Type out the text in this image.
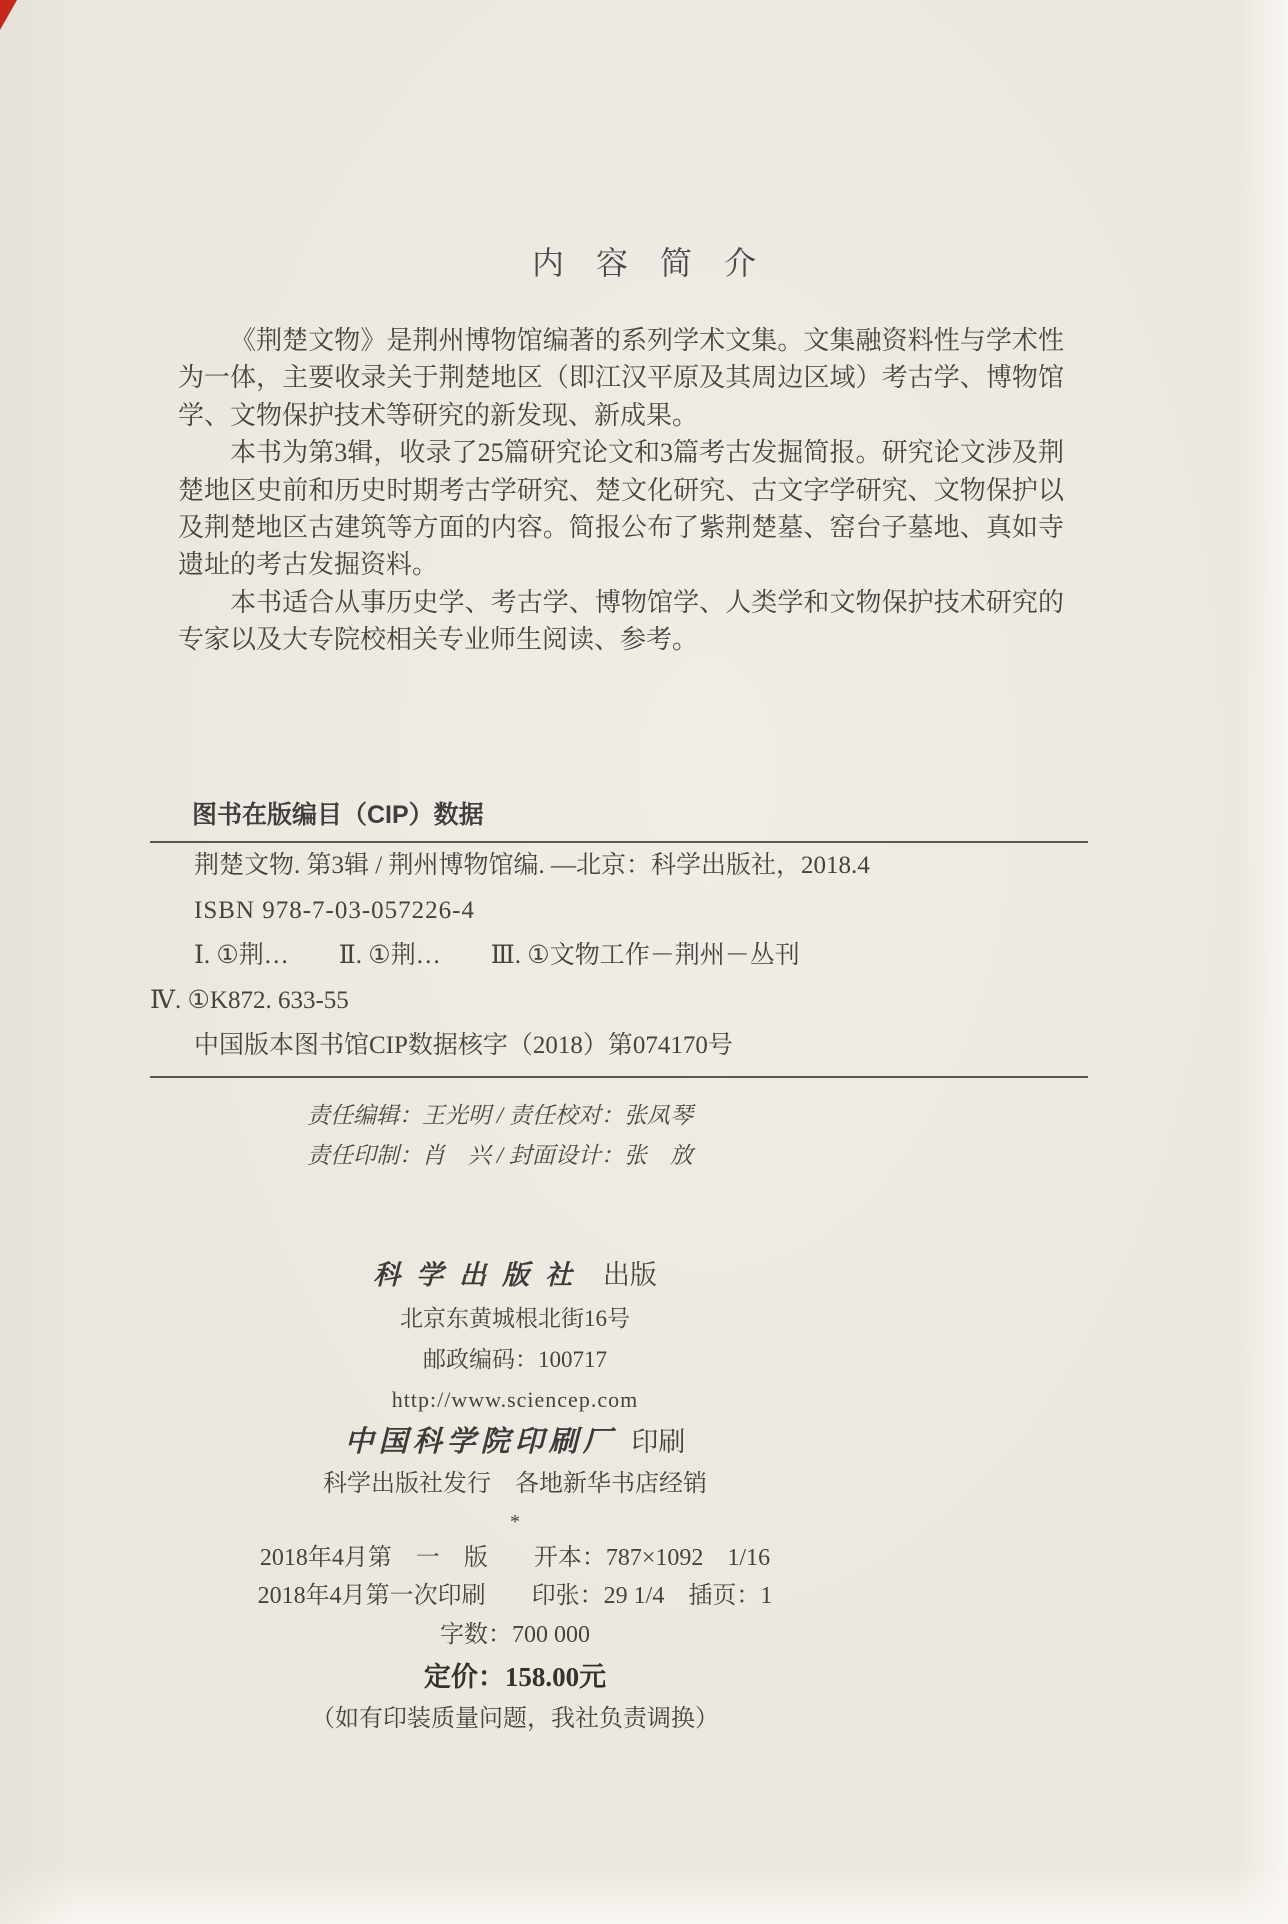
内　容　简　介

《荆楚文物》是荆州博物馆编著的系列学术文集。文集融资料性与学术性为一体，主要收录关于荆楚地区（即江汉平原及其周边区域）考古学、博物馆学、文物保护技术等研究的新发现、新成果。

本书为第3辑，收录了25篇研究论文和3篇考古发掘简报。研究论文涉及荆楚地区史前和历史时期考古学研究、楚文化研究、古文字学研究、文物保护以及荆楚地区古建筑等方面的内容。简报公布了紫荆楚墓、窑台子墓地、真如寺遗址的考古发掘资料。

本书适合从事历史学、考古学、博物馆学、人类学和文物保护技术研究的专家以及大专院校相关专业师生阅读、参考。

图书在版编目（CIP）数据
荆楚文物. 第3辑 / 荆州博物馆编. —北京：科学出版社，2018.4
ISBN 978-7-03-057226-4
Ⅰ. ①荆…　　Ⅱ. ①荆…　　Ⅲ. ①文物工作－荆州－丛刊
Ⅳ. ①K872. 633-55
中国版本图书馆CIP数据核字（2018）第074170号
责任编辑：王光明 / 责任校对：张凤琴
责任印制：肖　兴 / 封面设计：张　放
科学出版社 出版
北京东黄城根北街16号
邮政编码：100717
http://www.sciencep.com
中国科学院印刷厂 印刷
科学出版社发行　各地新华书店经销
*
2018年4月第　一　版 开本：787×1092　1/16
2018年4月第一次印刷 印张：29 1/4　插页：1
字数：700 000
定价：158.00元
（如有印装质量问题，我社负责调换）
